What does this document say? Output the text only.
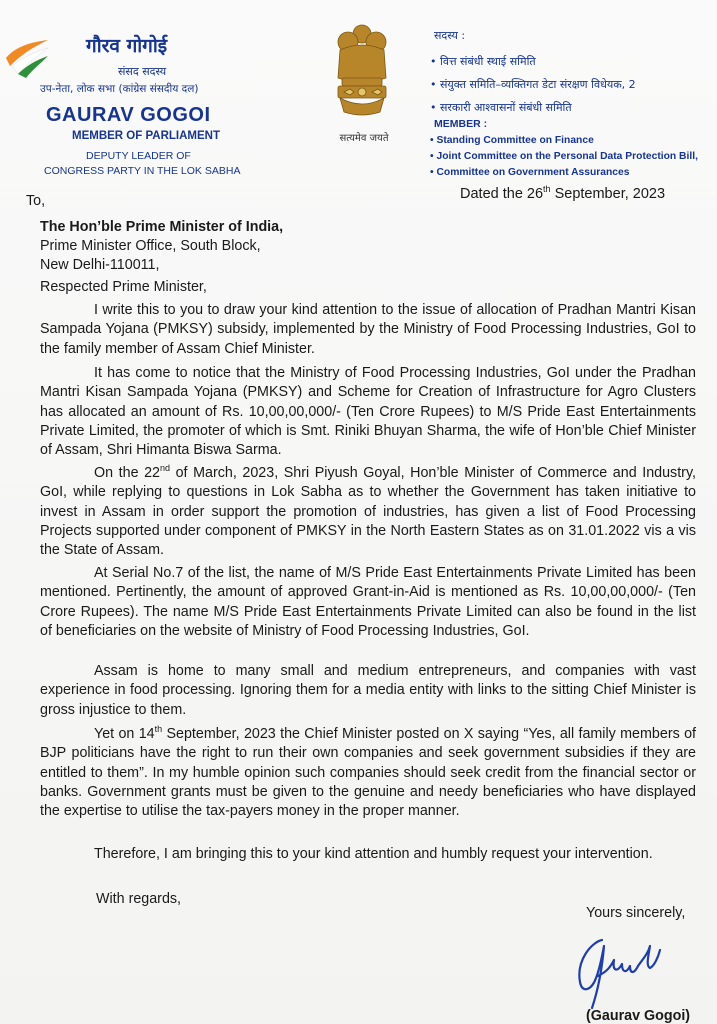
गौरव गोगोई
संसद सदस्य
उप-नेता, लोक सभा (कांग्रेस संसदीय दल)
GAURAV GOGOI
MEMBER OF PARLIAMENT
DEPUTY LEADER OF
CONGRESS PARTY IN THE LOK SABHA
सत्यमेव जयते
सदस्य :
• वित्त संबंधी स्थाई समिति
• संयुक्त समिति–व्यक्तिगत डेटा संरक्षण विधेयक, 2
• सरकारी आश्वासनों संबंधी समिति
MEMBER :
• Standing Committee on Finance
• Joint Committee on the Personal Data Protection Bill,
• Committee on Government Assurances
Dated the 26th September, 2023
To,
The Hon’ble Prime Minister of India,
Prime Minister Office, South Block,
New Delhi-110011,
Respected Prime Minister,
I write this to you to draw your kind attention to the issue of allocation of Pradhan Mantri Kisan Sampada Yojana (PMKSY) subsidy, implemented by the Ministry of Food Processing Industries, GoI to the family member of Assam Chief Minister.
It has come to notice that the Ministry of Food Processing Industries, GoI under the Pradhan Mantri Kisan Sampada Yojana (PMKSY) and Scheme for Creation of Infrastructure for Agro Clusters has allocated an amount of Rs. 10,00,00,000/- (Ten Crore Rupees) to M/S Pride East Entertainments Private Limited, the promoter of which is Smt. Riniki Bhuyan Sharma, the wife of Hon’ble Chief Minister of Assam, Shri Himanta Biswa Sarma.
On the 22nd of March, 2023, Shri Piyush Goyal, Hon’ble Minister of Commerce and Industry, GoI, while replying to questions in Lok Sabha as to whether the Government has taken initiative to invest in Assam in order support the promotion of industries, has given a list of Food Processing Projects supported under component of PMKSY in the North Eastern States as on 31.01.2022 vis a vis the State of Assam.
At Serial No.7 of the list, the name of M/S Pride East Entertainments Private Limited has been mentioned. Pertinently, the amount of approved Grant-in-Aid is mentioned as Rs. 10,00,00,000/- (Ten Crore Rupees). The name M/S Pride East Entertainments Private Limited can also be found in the list of beneficiaries on the website of Ministry of Food Processing Industries, GoI.
Assam is home to many small and medium entrepreneurs, and companies with vast experience in food processing. Ignoring them for a media entity with links to the sitting Chief Minister is gross injustice to them.
Yet on 14th September, 2023 the Chief Minister posted on X saying “Yes, all family members of BJP politicians have the right to run their own companies and seek government subsidies if they are entitled to them”. In my humble opinion such companies should seek credit from the financial sector or banks. Government grants must be given to the genuine and needy beneficiaries who have displayed the expertise to utilise the tax-payers money in the proper manner.
Therefore, I am bringing this to your kind attention and humbly request your intervention.
With regards,
Yours sincerely,
(Gaurav Gogoi)
